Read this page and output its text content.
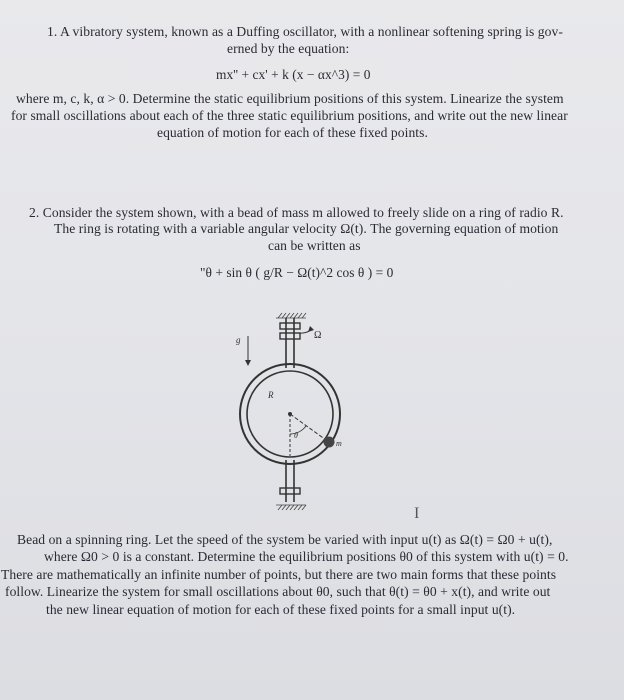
1. A vibratory system, known as a Duffing oscillator, with a nonlinear softening spring is gov-
erned by the equation:
mx'' + cx' + k (x − αx^3) = 0
where m, c, k, α > 0. Determine the static equilibrium positions of this system. Linearize the system
for small oscillations about each of the three static equilibrium positions, and write out the new linear
equation of motion for each of these fixed points.
2. Consider the system shown, with a bead of mass m allowed to freely slide on a ring of radio R.
The ring is rotating with a variable angular velocity Ω(t). The governing equation of motion
can be written as
"θ + sin θ ( g/R − Ω(t)^2 cos θ ) = 0
Ω
g
R
θ
m
I
Bead on a spinning ring. Let the speed of the system be varied with input u(t) as Ω(t) = Ω0 + u(t),
where Ω0 > 0 is a constant. Determine the equilibrium positions θ0 of this system with u(t) = 0.
There are mathematically an infinite number of points, but there are two main forms that these points
follow. Linearize the system for small oscillations about θ0, such that θ(t) = θ0 + x(t), and write out
the new linear equation of motion for each of these fixed points for a small input u(t).
